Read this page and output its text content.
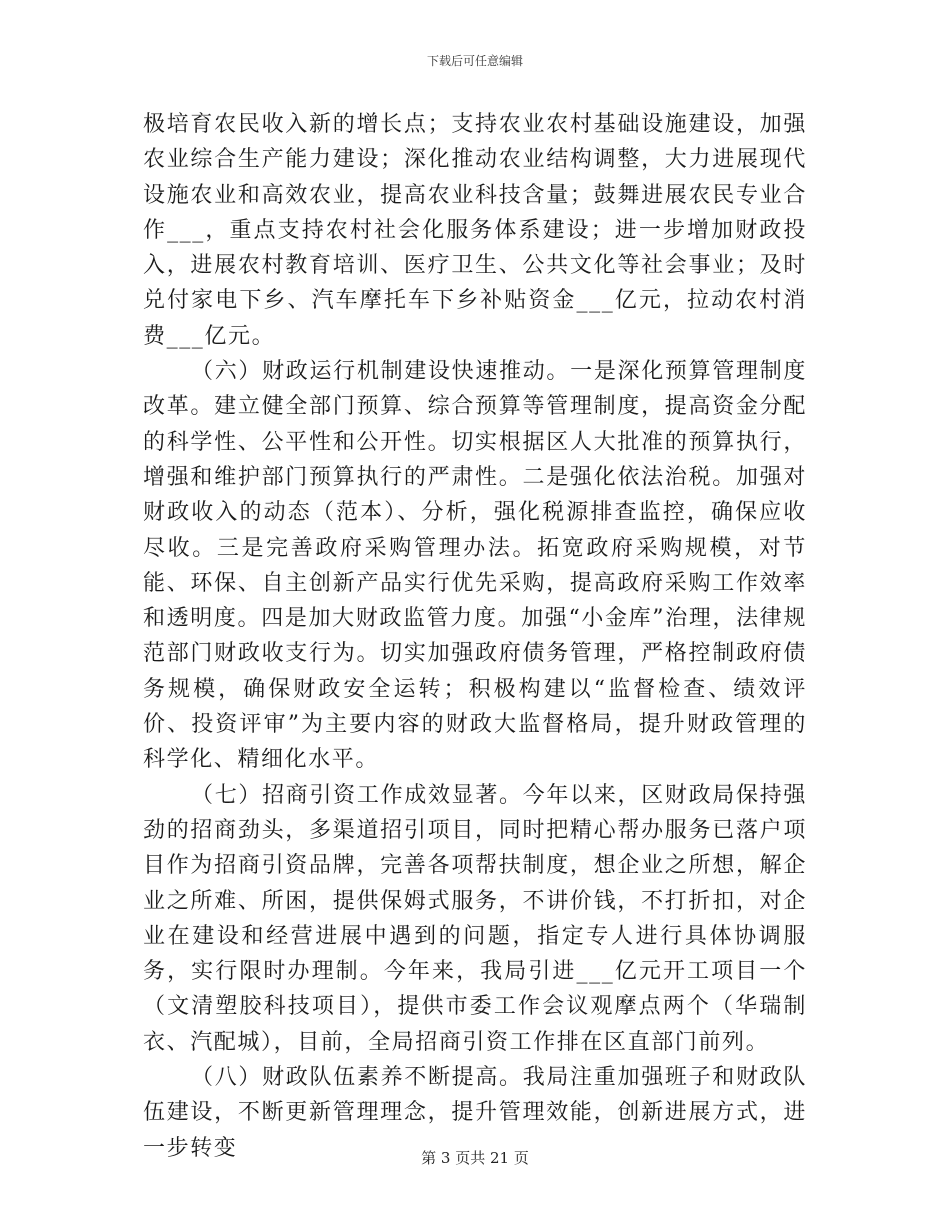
下载后可任意编辑

极培育农民收入新的增长点；支持农业农村基础设施建设，加强农业综合生产能力建设；深化推动农业结构调整，大力进展现代设施农业和高效农业，提高农业科技含量；鼓舞进展农民专业合作___，重点支持农村社会化服务体系建设；进一步增加财政投入，进展农村教育培训、医疗卫生、公共文化等社会事业；及时兑付家电下乡、汽车摩托车下乡补贴资金___亿元，拉动农村消费___亿元。

（六）财政运行机制建设快速推动。一是深化预算管理制度改革。建立健全部门预算、综合预算等管理制度，提高资金分配的科学性、公平性和公开性。切实根据区人大批准的预算执行，增强和维护部门预算执行的严肃性。二是强化依法治税。加强对财政收入的动态（范本）、分析，强化税源排查监控，确保应收尽收。三是完善政府采购管理办法。拓宽政府采购规模，对节能、环保、自主创新产品实行优先采购，提高政府采购工作效率和透明度。四是加大财政监管力度。加强“小金库”治理，法律规范部门财政收支行为。切实加强政府债务管理，严格控制政府债务规模，确保财政安全运转；积极构建以“监督检查、绩效评价、投资评审”为主要内容的财政大监督格局，提升财政管理的科学化、精细化水平。

（七）招商引资工作成效显著。今年以来，区财政局保持强劲的招商劲头，多渠道招引项目，同时把精心帮办服务已落户项目作为招商引资品牌，完善各项帮扶制度，想企业之所想，解企业之所难、所困，提供保姆式服务，不讲价钱，不打折扣，对企业在建设和经营进展中遇到的问题，指定专人进行具体协调服务，实行限时办理制。今年来，我局引进___亿元开工项目一个（文清塑胶科技项目），提供市委工作会议观摩点两个（华瑞制衣、汽配城），目前，全局招商引资工作排在区直部门前列。

（八）财政队伍素养不断提高。我局注重加强班子和财政队伍建设，不断更新管理理念，提升管理效能，创新进展方式，进一步转变	第 3 页共 21 页
